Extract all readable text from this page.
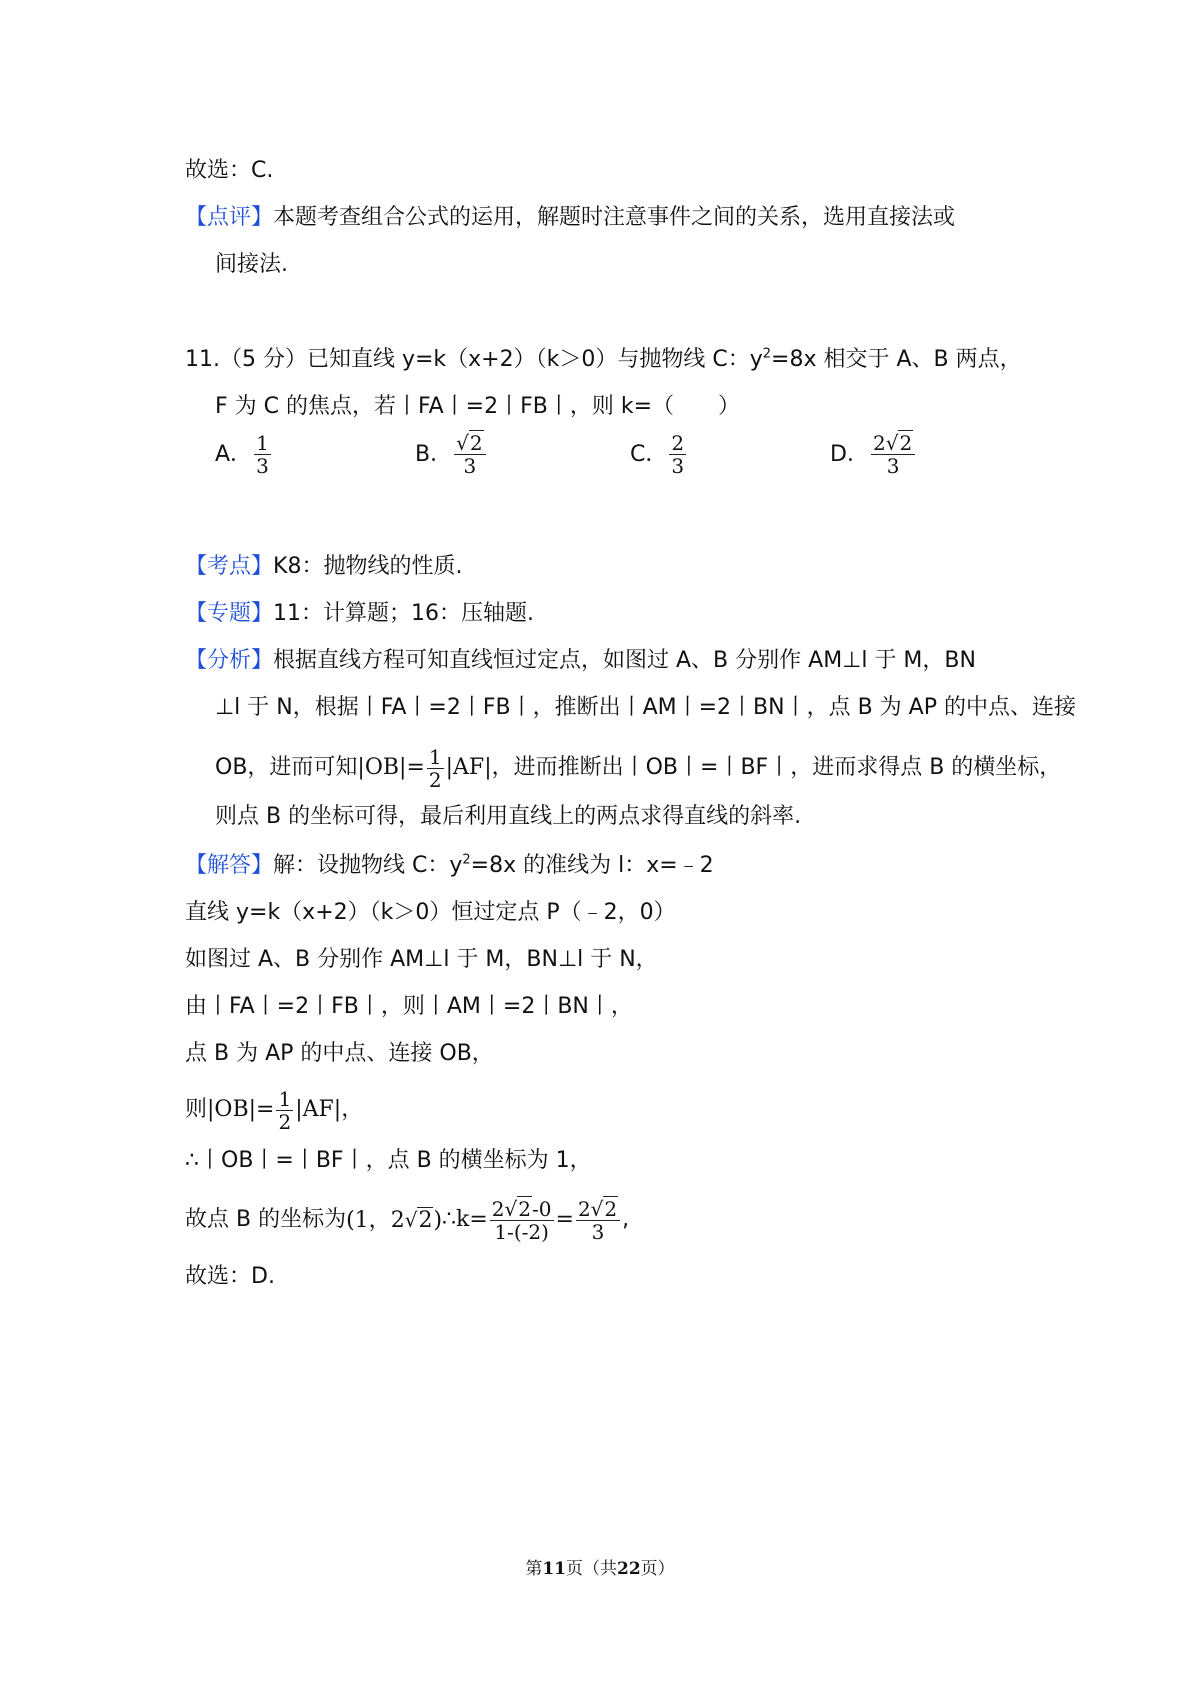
故选：C.
【点评】本题考查组合公式的运用，解题时注意事件之间的关系，选用直接法或
间接法.
11.（5 分）已知直线 y=k（x+2）（k＞0）与抛物线 C：$y^2=8x$ 相交于 A、B 两点，
F 为 C 的焦点，若丨FA丨=2丨FB丨，则 k=（　　）
A． $\frac{1}{3}$	B． $\frac{√2}{3}$	C． $\frac{2}{3}$	D． $\frac{2√2}{3}$
【考点】K8：抛物线的性质.
【专题】11：计算题；16：压轴题.
【分析】根据直线方程可知直线恒过定点，如图过 A、B 分别作 AM⊥l 于 M，BN
⊥l 于 N，根据丨FA丨=2丨FB丨，推断出丨AM丨=2丨BN丨，点 B 为 AP 的中点、连接
OB，进而可知 $|OB|= \frac{1}{2} |AF|$ ，进而推断出丨OB丨=丨BF丨，进而求得点 B 的横坐标，
则点 B 的坐标可得，最后利用直线上的两点求得直线的斜率.
【解答】解：设抛物线 C：$y^2=8x$ 的准线为 l：x=﹣2
直线 y=k（x+2）（k＞0）恒过定点 P（﹣2，0）
如图过 A、B 分别作 AM⊥l 于 M，BN⊥l 于 N，
由丨FA丨=2丨FB丨，则丨AM丨=2丨BN丨，
点 B 为 AP 的中点、连接 OB，
则 $|OB|= \frac{1}{2} |AF|$ ，
∴丨OB丨=丨BF丨，点 B 的横坐标为 1，
故点 B 的坐标为 (1，2√2) ∴k= $\frac{2√2-0}{1-(-2)} = \frac{2√2}{3}$ ,
故选：D.
第11页（共22页）
